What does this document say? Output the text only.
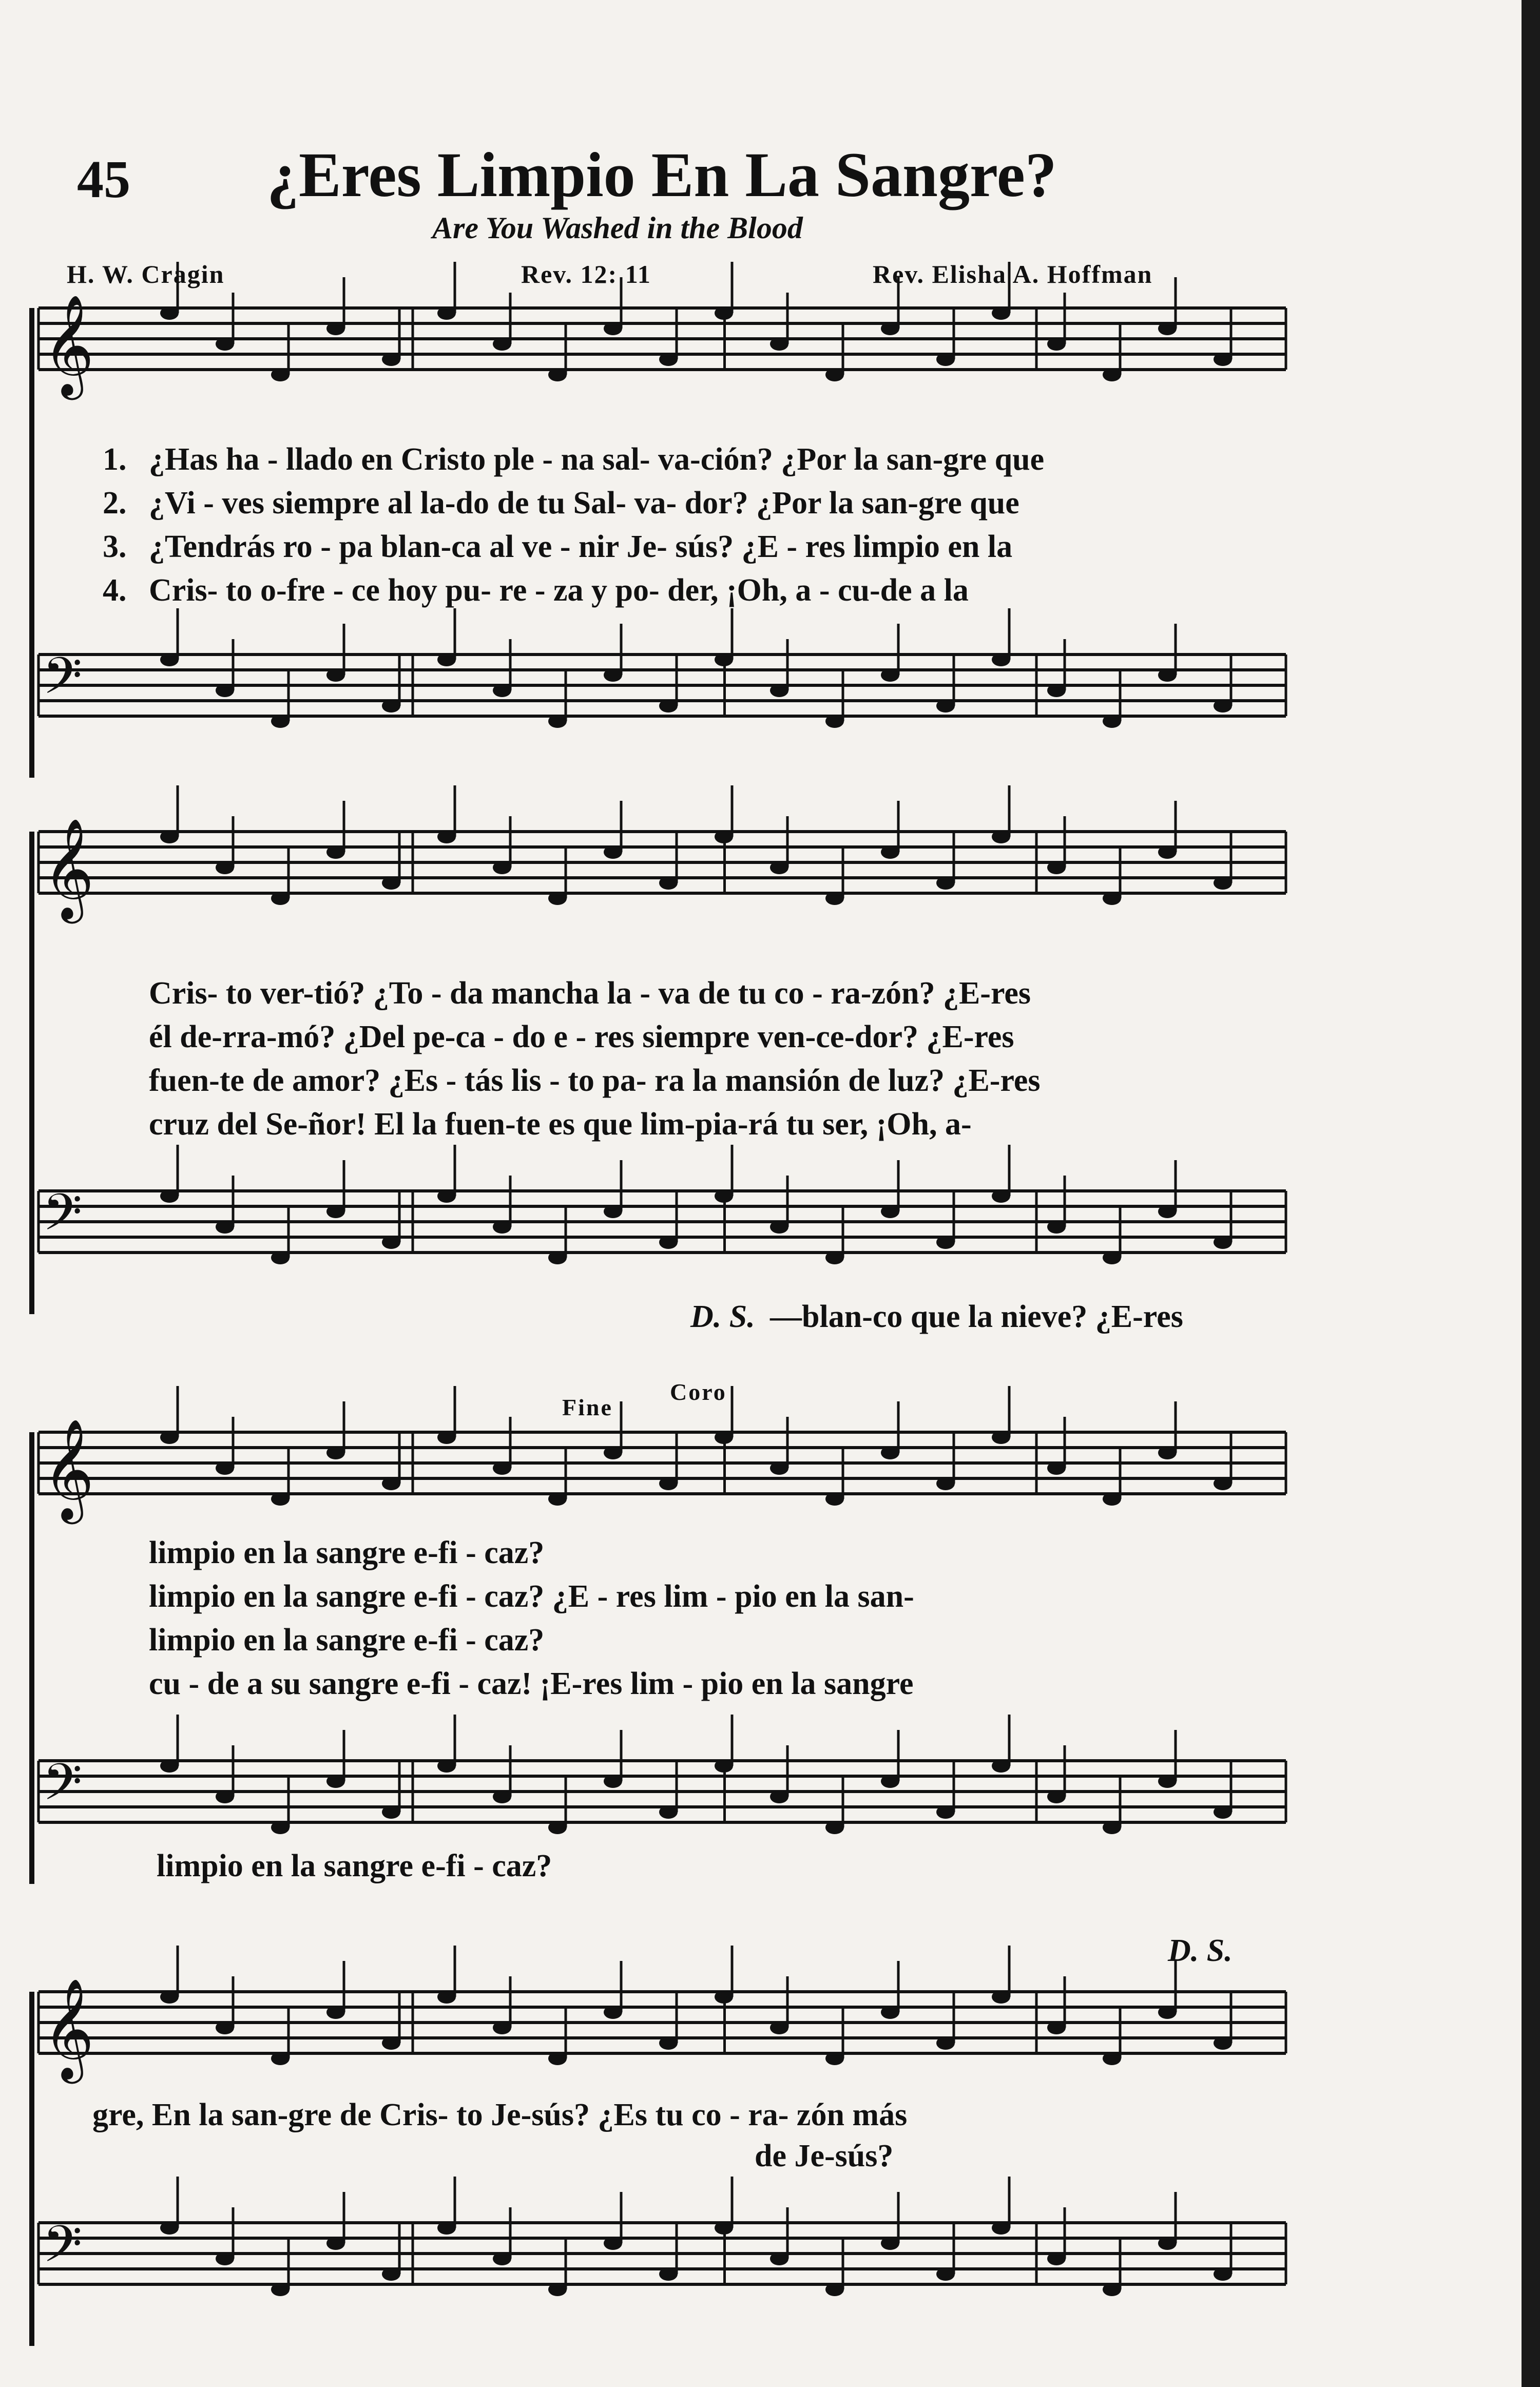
45 ¿Eres Limpio En La Sangre?
Are You Washed in the Blood
H. W. Cragin	Rev. 12: 11	Rev. Elisha A. Hoffman
𝄞
𝄢
𝄞
𝄢
𝄞
𝄢
𝄞
𝄢
1. ¿Has ha - llado en Cristo ple - na sal- va-ción? ¿Por la san-gre que
2. ¿Vi - ves siempre al la-do de tu Sal- va- dor? ¿Por la san-gre que
3. ¿Tendrás ro - pa blan-ca al ve - nir Je- sús? ¿E - res limpio en la
4. Cris- to o-fre - ce hoy pu- re - za y po- der, ¡Oh, a - cu-de a la
Cris- to ver-tió? ¿To - da mancha la - va de tu co - ra-zón? ¿E-res
él de-rra-mó? ¿Del pe-ca - do e - res siempre ven-ce-dor? ¿E-res
fuen-te de amor? ¿Es - tás lis - to pa- ra la mansión de luz? ¿E-res
cruz del Se-ñor! El la fuen-te es que lim-pia-rá tu ser, ¡Oh, a-
D. S. —blan-co que la nieve? ¿E-res
Fine
Coro
limpio en la sangre e-fi - caz?
limpio en la sangre e-fi - caz? ¿E - res lim - pio en la san-
limpio en la sangre e-fi - caz?
cu - de a su sangre e-fi - caz! ¡E-res lim - pio en la sangre
limpio en la sangre e-fi - caz?
D. S.
gre, En la san-gre de Cris- to Je-sús? ¿Es tu co - ra- zón más
de Je-sús?
